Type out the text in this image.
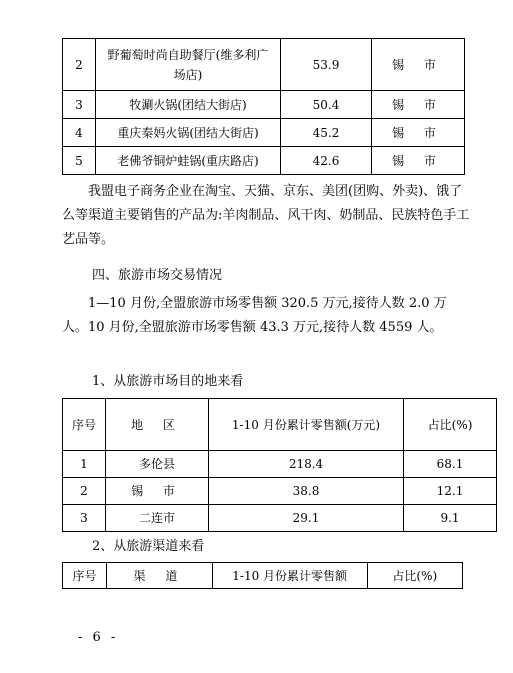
2	野葡萄时尚自助餐厅(维多利广场店)	53.9	锡 市
3	牧涮火锅(团结大街店)	50.4	锡 市
4	重庆秦妈火锅(团结大街店)	45.2	锡 市
5	老佛爷铜炉蛙锅(重庆路店)	42.6	锡 市
我盟电子商务企业在淘宝、天猫、京东、美团(团购、外卖)、饿了么等渠道主要销售的产品为:羊肉制品、风干肉、奶制品、民族特色手工艺品等。
四、旅游市场交易情况
1—10 月份,全盟旅游市场零售额 320.5 万元,接待人数 2.0 万人。10 月份,全盟旅游市场零售额 43.3 万元,接待人数 4559 人。
1、从旅游市场目的地来看
序号	地 区	1-10 月份累计零售额(万元)	占比(%)
1	多伦县	218.4	68.1
2	锡 市	38.8	12.1
3	二连市	29.1	9.1
2、从旅游渠道来看
序号	渠 道	1-10 月份累计零售额	占比(%)
- 6 -
